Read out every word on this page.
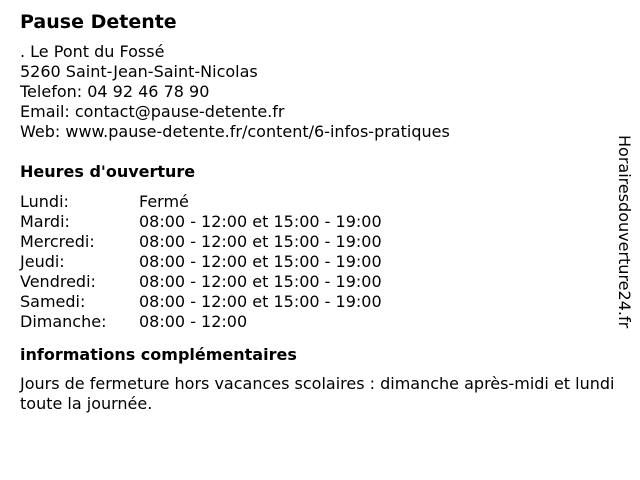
Pause Detente
. Le Pont du Fossé
5260 Saint-Jean-Saint-Nicolas
Telefon: 04 92 46 78 90
Email: contact@pause-detente.fr
Web: www.pause-detente.fr/content/6-infos-pratiques
Heures d'ouverture
Lundi:	Fermé
Mardi:	08:00 - 12:00 et 15:00 - 19:00
Mercredi:	08:00 - 12:00 et 15:00 - 19:00
Jeudi:	08:00 - 12:00 et 15:00 - 19:00
Vendredi:	08:00 - 12:00 et 15:00 - 19:00
Samedi:	08:00 - 12:00 et 15:00 - 19:00
Dimanche:	08:00 - 12:00
informations complémentaires
Jours de fermeture hors vacances scolaires : dimanche après-midi et lundi toute la journée.
Horairesdouverture24.fr
